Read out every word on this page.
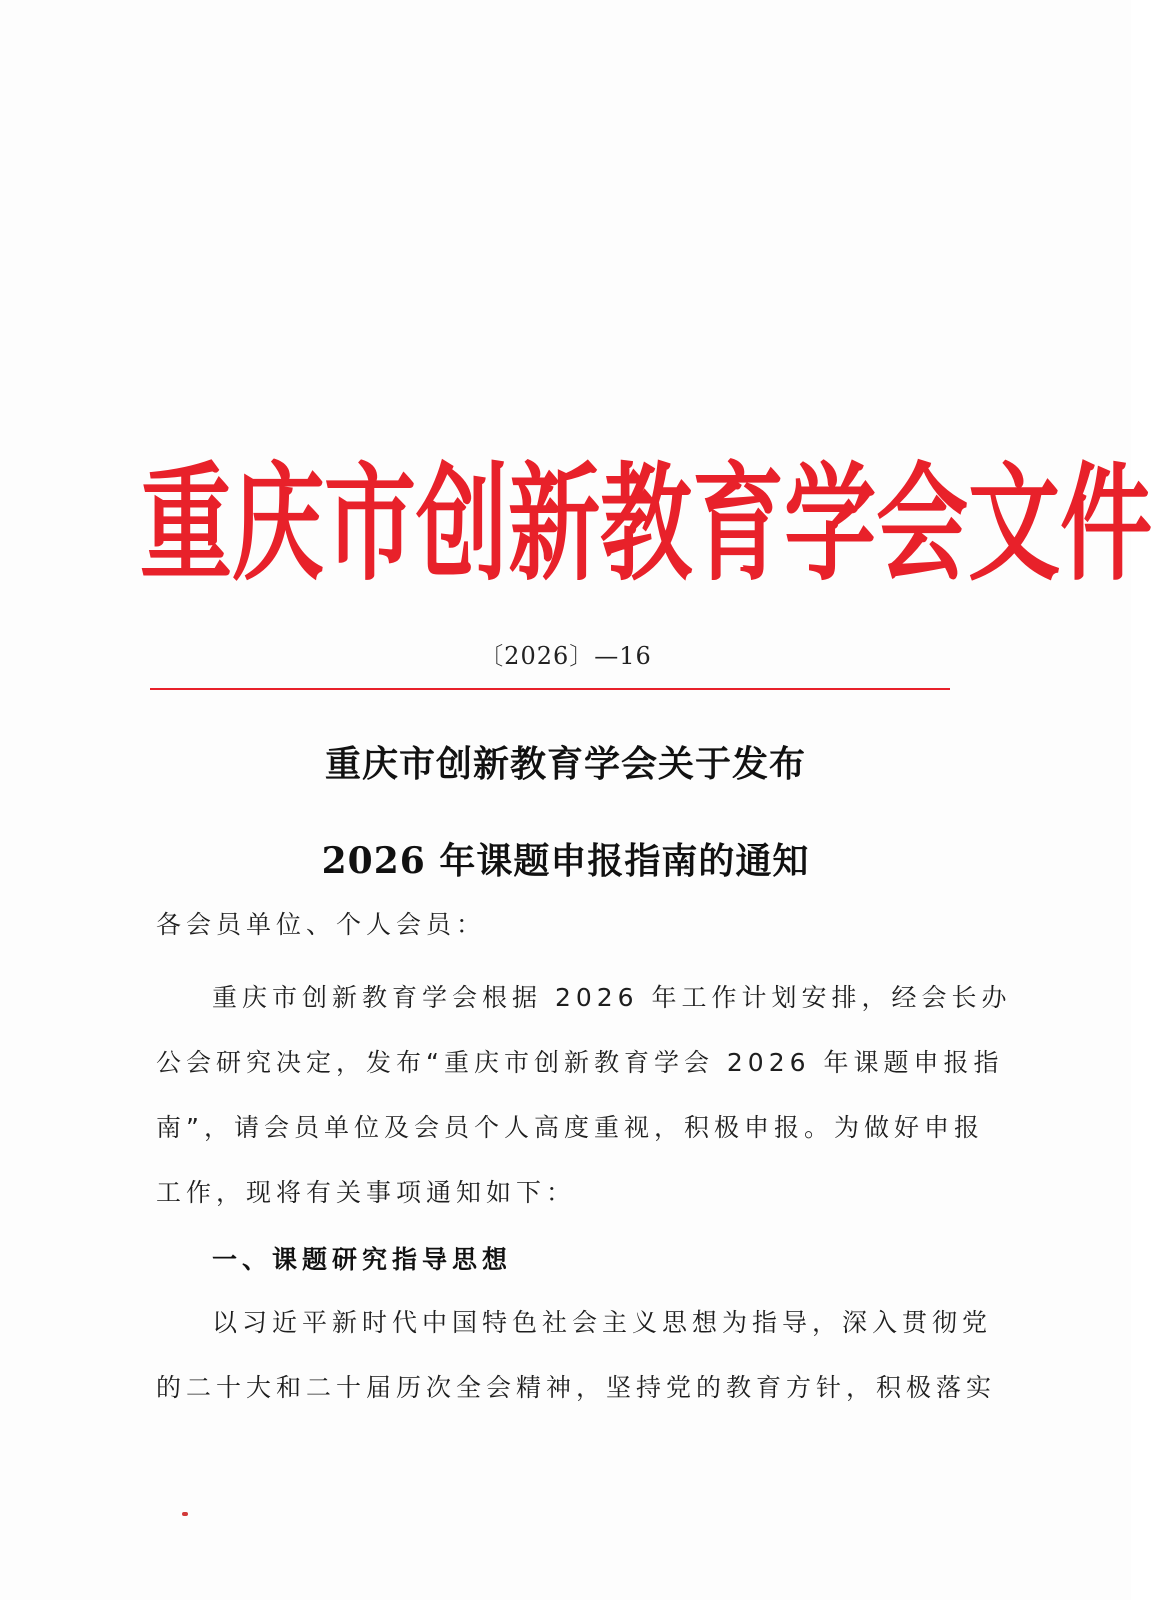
重 庆 市 创 新 教 育 学 会 文 件
〔2026〕—16
重庆市创新教育学会关于发布
2026 年课题申报指南的通知
各会员单位、个人会员：
重庆市创新教育学会根据 2026 年工作计划安排，经会长办
公会研究决定，发布“重庆市创新教育学会 2026 年课题申报指
南”，请会员单位及会员个人高度重视，积极申报。为做好申报
工作，现将有关事项通知如下：
一、课题研究指导思想
以习近平新时代中国特色社会主义思想为指导，深入贯彻党
的二十大和二十届历次全会精神，坚持党的教育方针，积极落实
